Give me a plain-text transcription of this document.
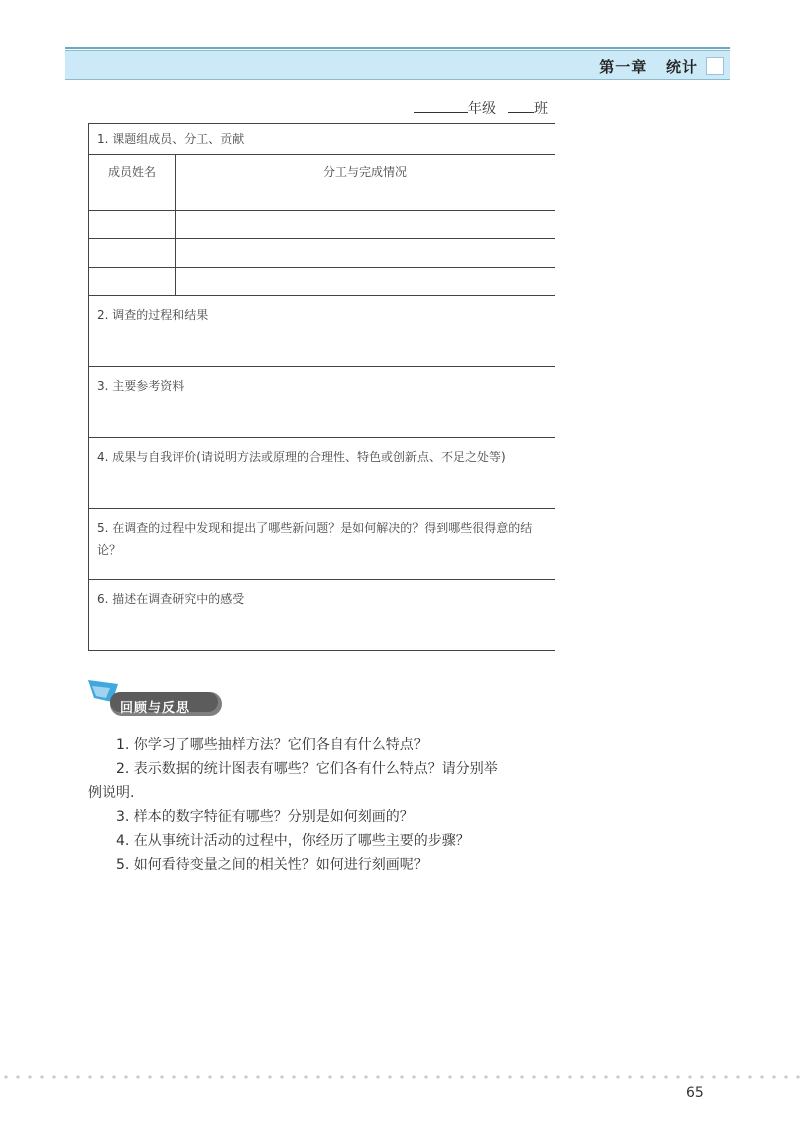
第一章 统计
年级	班
1. 课题组成员、分工、贡献
成员姓名	分工与完成情况
2. 调查的过程和结果
3. 主要参考资料
4. 成果与自我评价(请说明方法或原理的合理性、特色或创新点、不足之处等)
5. 在调查的过程中发现和提出了哪些新问题？是如何解决的？得到哪些很得意的结论？
6. 描述在调查研究中的感受
回顾与反思
1. 你学习了哪些抽样方法？它们各自有什么特点？
2. 表示数据的统计图表有哪些？它们各有什么特点？请分别举
例说明.
3. 样本的数字特征有哪些？分别是如何刻画的？
4. 在从事统计活动的过程中，你经历了哪些主要的步骤？
5. 如何看待变量之间的相关性？如何进行刻画呢？
65
